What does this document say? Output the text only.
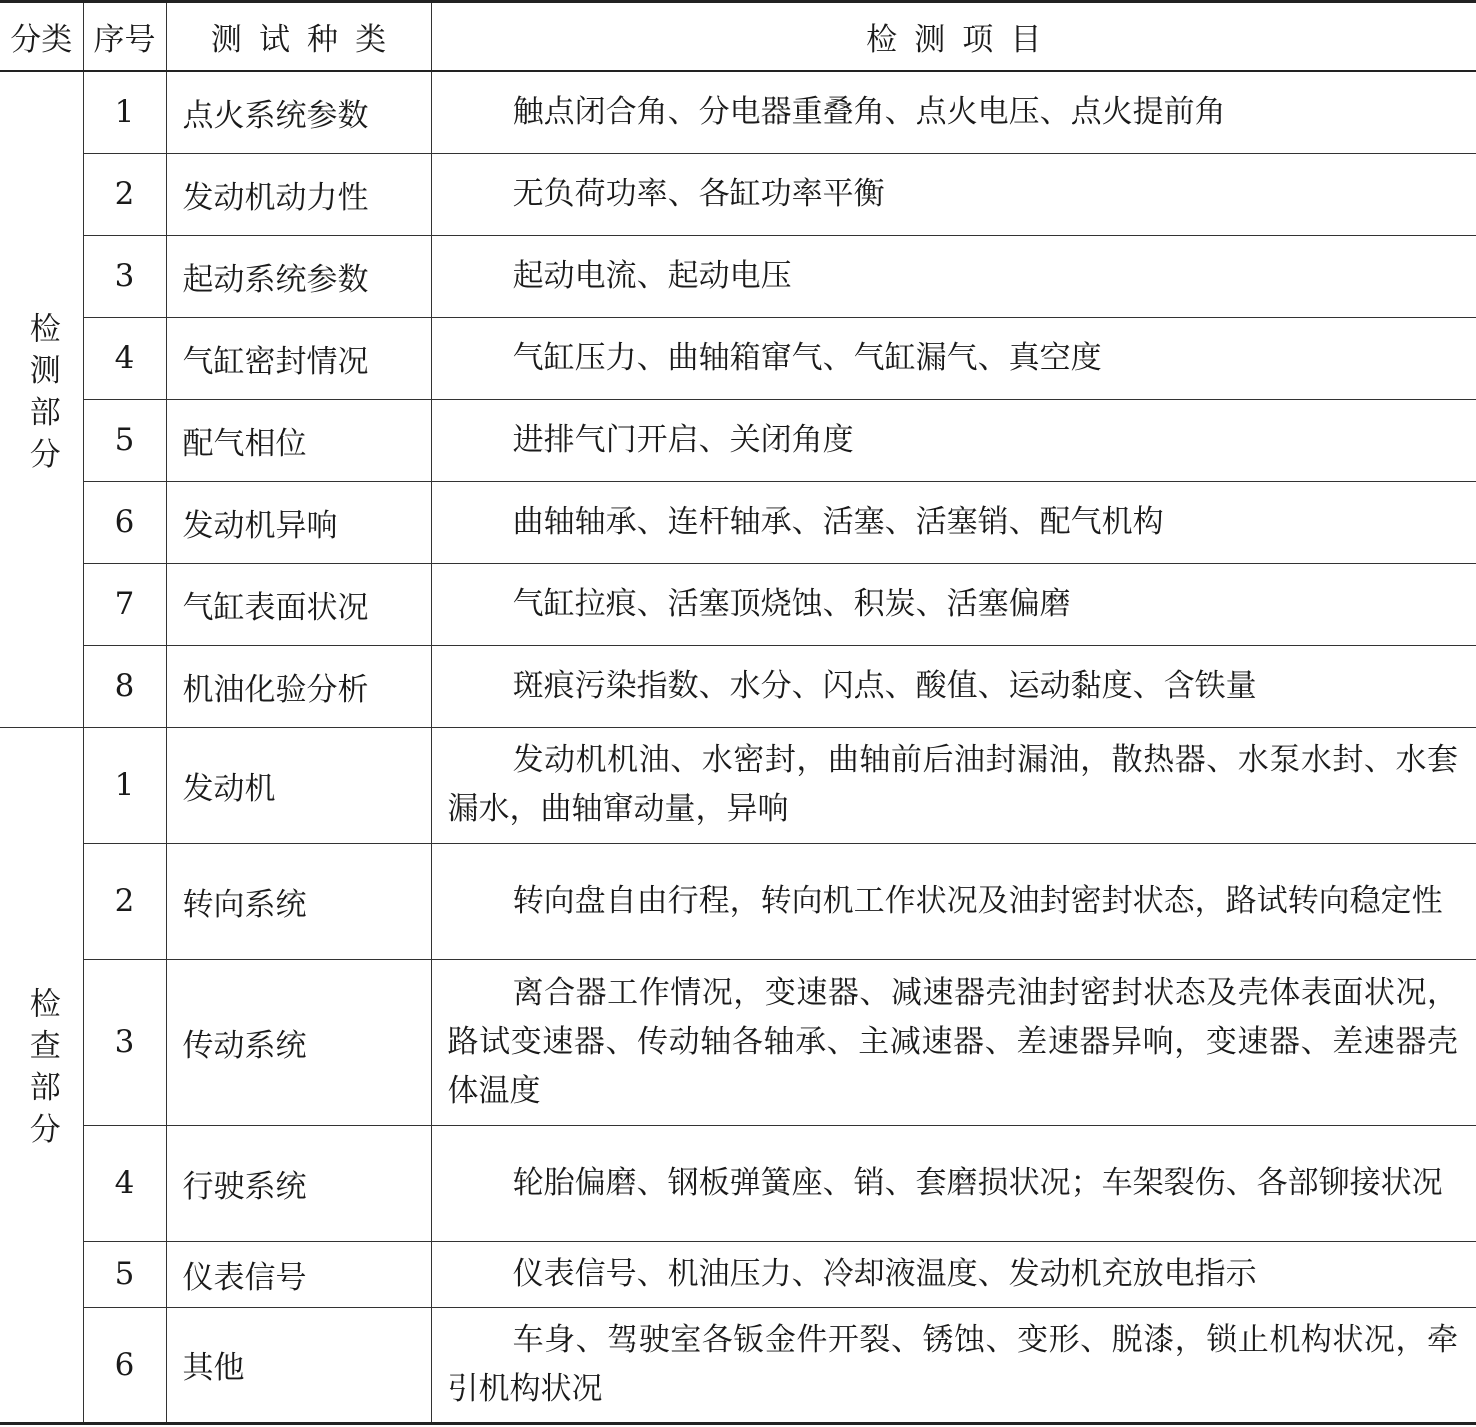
分类	序号	测试种类	检测项目
检测部分	1	点火系统参数	触点闭合角、分电器重叠角、点火电压、点火提前角

	2	发动机动力性	无负荷功率、各缸功率平衡

	3	起动系统参数	起动电流、起动电压

	4	气缸密封情况	气缸压力、曲轴箱窜气、气缸漏气、真空度

	5	配气相位	进排气门开启、关闭角度

	6	发动机异响	曲轴轴承、连杆轴承、活塞、活塞销、配气机构

	7	气缸表面状况	气缸拉痕、活塞顶烧蚀、积炭、活塞偏磨

	8	机油化验分析	斑痕污染指数、水分、闪点、酸值、运动黏度、含铁量

检查部分	1	发动机	发动机机油、水密封，曲轴前后油封漏油，散热器、水泵水封、水套漏水，曲轴窜动量，异响

	2	转向系统	转向盘自由行程，转向机工作状况及油封密封状态，路试转向稳定性

	3	传动系统	离合器工作情况，变速器、减速器壳油封密封状态及壳体表面状况，路试变速器、传动轴各轴承、主减速器、差速器异响，变速器、差速器壳体温度

	4	行驶系统	轮胎偏磨、钢板弹簧座、销、套磨损状况；车架裂伤、各部铆接状况

	5	仪表信号	仪表信号、机油压力、冷却液温度、发动机充放电指示

	6	其他	车身、驾驶室各钣金件开裂、锈蚀、变形、脱漆，锁止机构状况，牵引机构状况
